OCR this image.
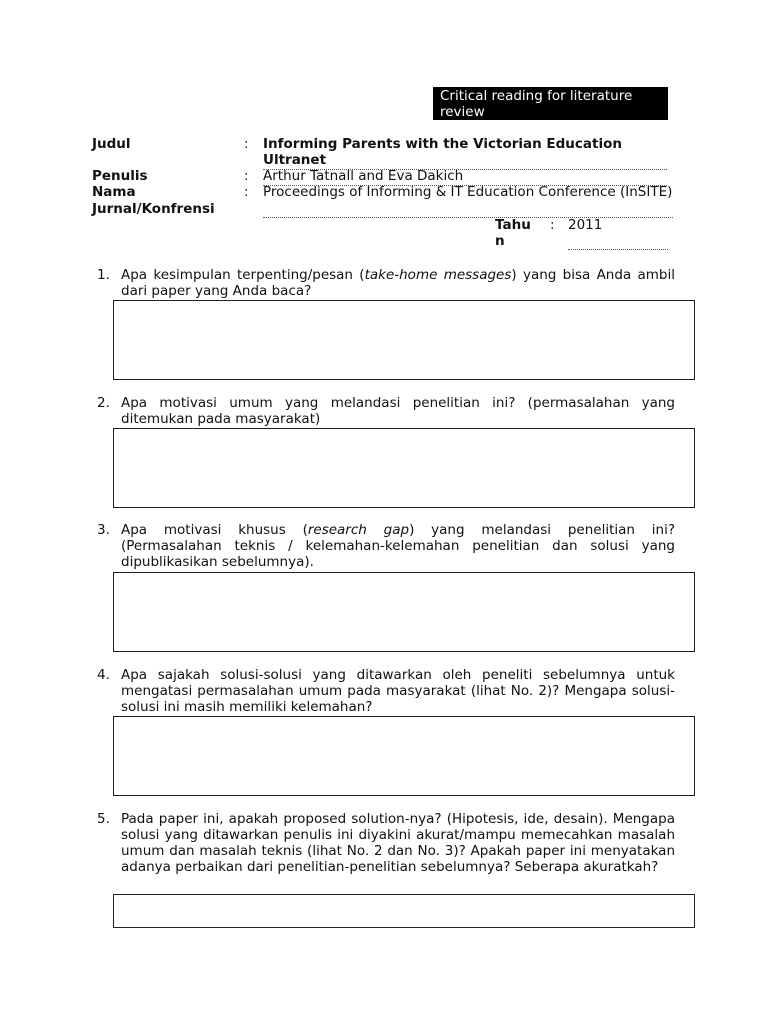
Critical reading for literature review
Judul	: Informing Parents with the Victorian Education Ultranet
Penulis	: Arthur Tatnall and Eva Dakich
Nama
Jurnal/Konfrensi
: Proceedings of Informing & IT Education Conference (InSITE)
Tahu
n
: 2011
1. Apa kesimpulan terpenting/pesan (take-home messages) yang bisa Anda ambil dari paper yang Anda baca?
2. Apa motivasi umum yang melandasi penelitian ini? (permasalahan yang ditemukan pada masyarakat)
3. Apa motivasi khusus (research gap) yang melandasi penelitian ini? (Permasalahan teknis / kelemahan-kelemahan penelitian dan solusi yang dipublikasikan sebelumnya).
4. Apa sajakah solusi-solusi yang ditawarkan oleh peneliti sebelumnya untuk mengatasi permasalahan umum pada masyarakat (lihat No. 2)? Mengapa solusi-solusi ini masih memiliki kelemahan?
5. Pada paper ini, apakah proposed solution-nya? (Hipotesis, ide, desain). Mengapa solusi yang ditawarkan penulis ini diyakini akurat/mampu memecahkan masalah umum dan masalah teknis (lihat No. 2 dan No. 3)? Apakah paper ini menyatakan adanya perbaikan dari penelitian-penelitian sebelumnya? Seberapa akuratkah?
